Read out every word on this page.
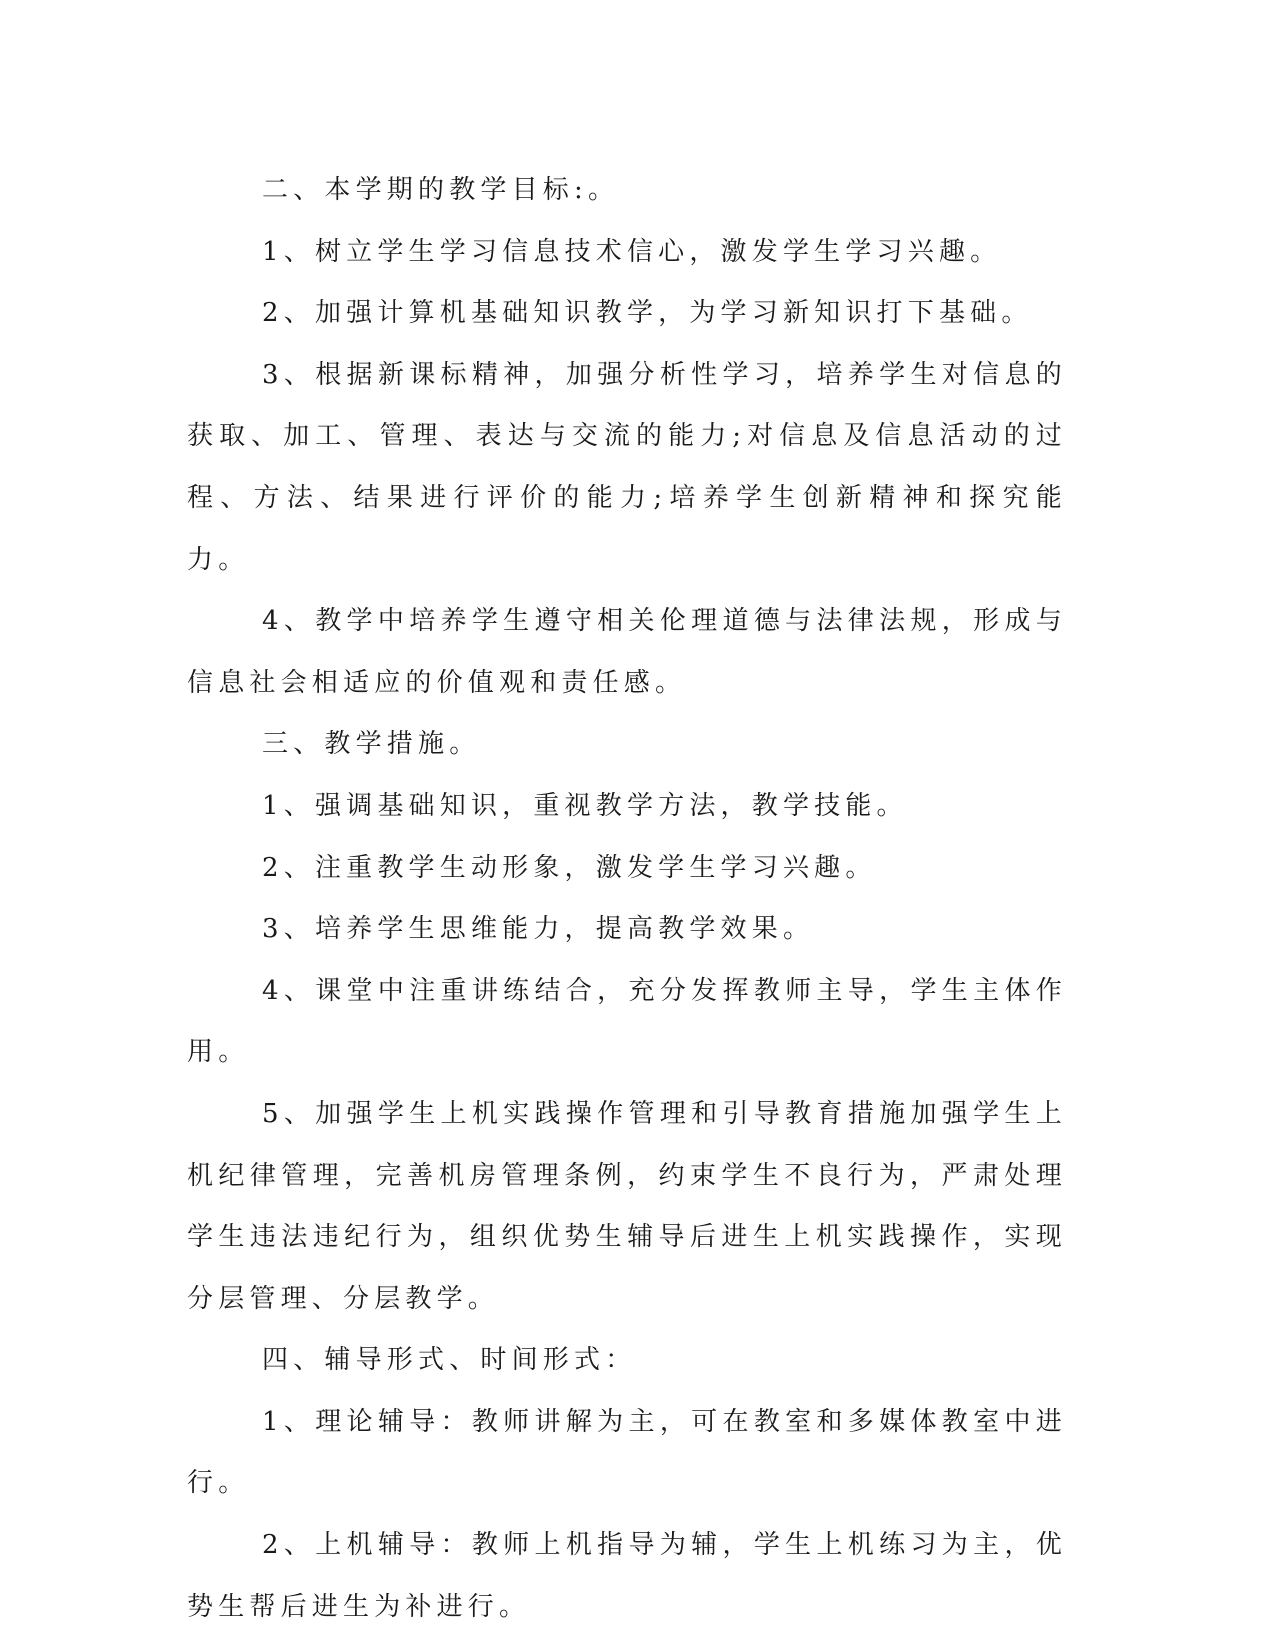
二、本学期的教学目标:。

1、树立学生学习信息技术信心，激发学生学习兴趣。

2、加强计算机基础知识教学，为学习新知识打下基础。

3、根据新课标精神，加强分析性学习，培养学生对信息的获取、加工、管理、表达与交流的能力;对信息及信息活动的过程、方法、结果进行评价的能力;培养学生创新精神和探究能力。

4、教学中培养学生遵守相关伦理道德与法律法规，形成与信息社会相适应的价值观和责任感。

三、教学措施。

1、强调基础知识，重视教学方法，教学技能。

2、注重教学生动形象，激发学生学习兴趣。

3、培养学生思维能力，提高教学效果。

4、课堂中注重讲练结合，充分发挥教师主导，学生主体作用。

5、加强学生上机实践操作管理和引导教育措施加强学生上机纪律管理，完善机房管理条例，约束学生不良行为，严肃处理学生违法违纪行为，组织优势生辅导后进生上机实践操作，实现分层管理、分层教学。

四、辅导形式、时间形式：

1、理论辅导：教师讲解为主，可在教室和多媒体教室中进行。

2、上机辅导：教师上机指导为辅，学生上机练习为主，优势生帮后进生为补进行。
